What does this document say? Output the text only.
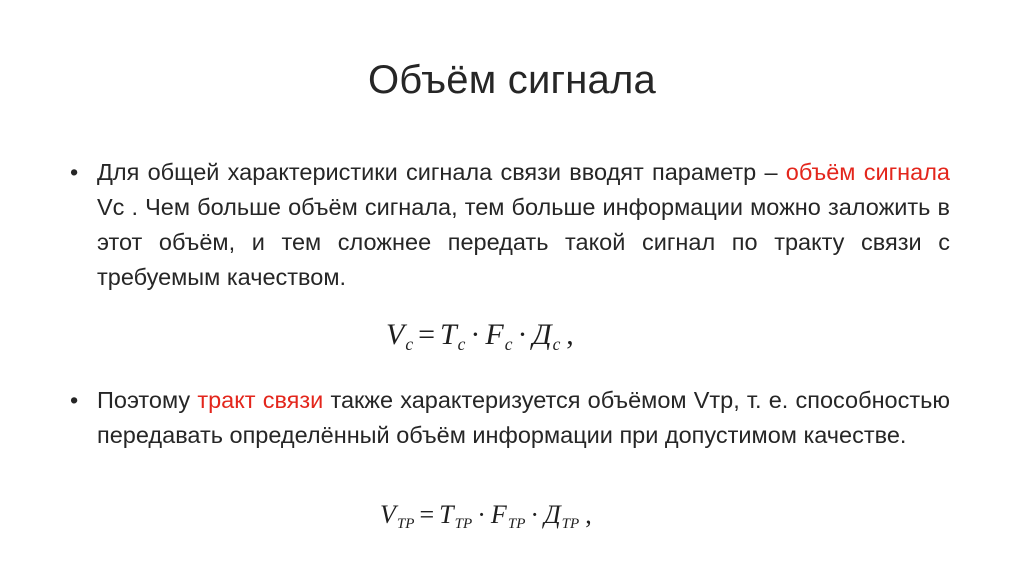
Объём сигнала
• Для общей характеристики сигнала связи вводят параметр – объём сигнала Vc . Чем больше объём сигнала, тем больше информации можно заложить в этот объём, и тем сложнее передать такой сигнал по тракту связи с требуемым качеством.
$V_c = T_c \cdot F_c \cdot Д_c$ ,
• Поэтому тракт связи также характеризуется объёмом Vтр, т. е. способностью передавать определённый объём информации при допустимом качестве.
$V_{ТР} = T_{ТР} \cdot F_{ТР} \cdot Д_{ТР}$ ,
